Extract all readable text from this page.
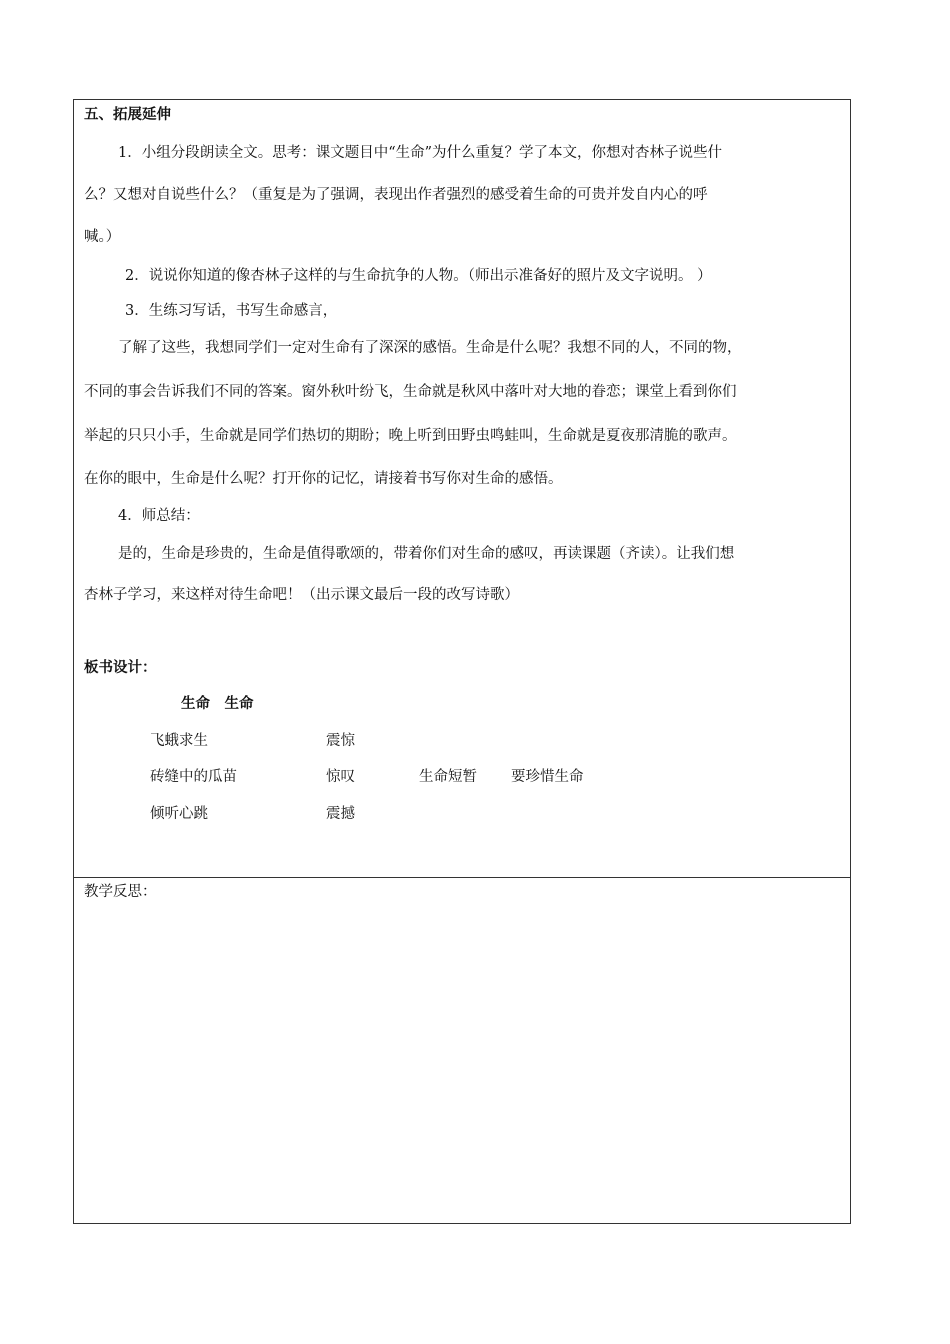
五、拓展延伸
1．小组分段朗读全文。思考：课文题目中“生命”为什么重复？学了本文，你想对杏林子说些什
么？又想对自说些什么？（重复是为了强调，表现出作者强烈的感受着生命的可贵并发自内心的呼
喊。）
2．说说你知道的像杏林子这样的与生命抗争的人物。（师出示准备好的照片及文字说明。 ）
3．生练习写话，书写生命感言，
了解了这些，我想同学们一定对生命有了深深的感悟。生命是什么呢？我想不同的人，不同的物，
不同的事会告诉我们不同的答案。窗外秋叶纷飞，生命就是秋风中落叶对大地的眷恋；课堂上看到你们
举起的只只小手，生命就是同学们热切的期盼；晚上听到田野虫鸣蛙叫，生命就是夏夜那清脆的歌声。
在你的眼中，生命是什么呢？打开你的记忆，请接着书写你对生命的感悟。
4．师总结：
是的，生命是珍贵的，生命是值得歌颂的，带着你们对生命的感叹，再读课题（齐读）。让我们想
杏林子学习，来这样对待生命吧！（出示课文最后一段的改写诗歌）
板书设计：
生命　生命
飞蛾求生	震惊
砖缝中的瓜苗	惊叹	生命短暂 要珍惜生命
倾听心跳	震撼
教学反思：
